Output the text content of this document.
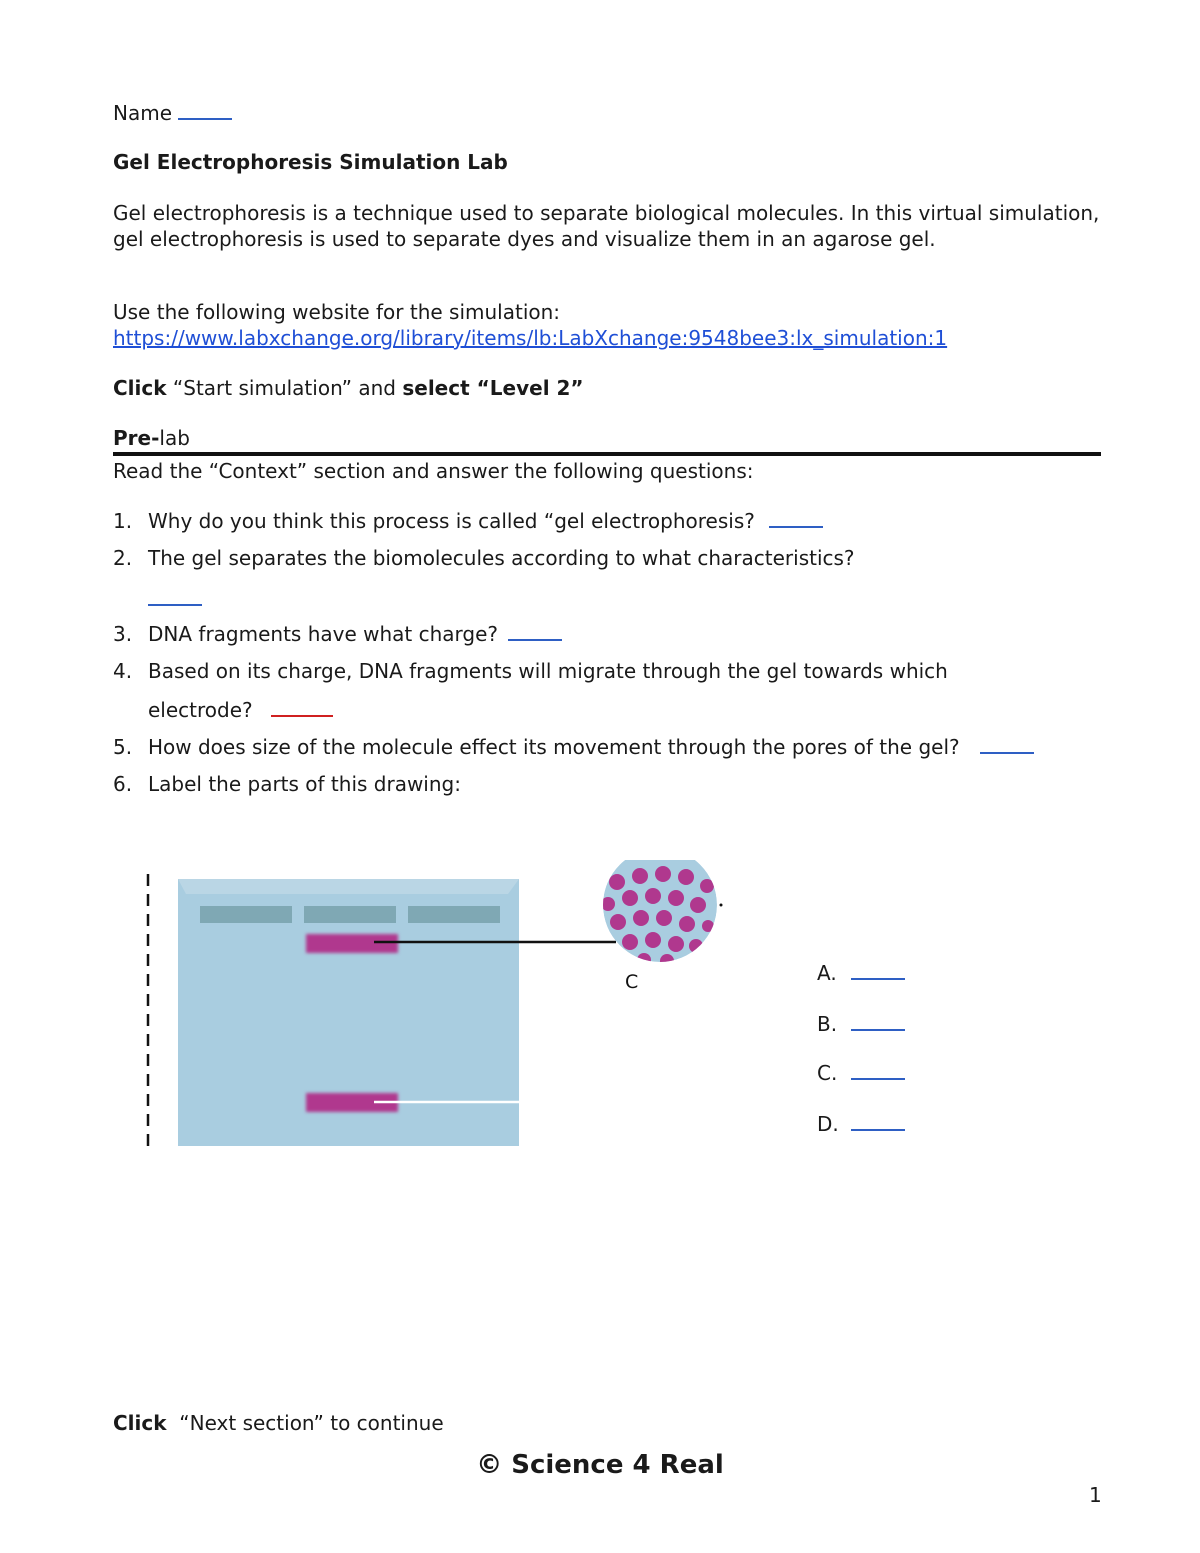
Name
Gel Electrophoresis Simulation Lab
Gel electrophoresis is a technique used to separate biological molecules. In this virtual simulation, gel electrophoresis is used to separate dyes and visualize them in an agarose gel.
Use the following website for the simulation:
https://www.labxchange.org/library/items/lb:LabXchange:9548bee3:lx_simulation:1
Click “Start simulation” and select “Level 2”
Pre-lab
Read the “Context” section and answer the following questions:
1. Why do you think this process is called “gel electrophoresis?
2. The gel separates the biomolecules according to what characteristics?
3. DNA fragments have what charge?
4. Based on its charge, DNA fragments will migrate through the gel towards which
electrode?
5. How does size of the molecule effect its movement through the pores of the gel?
6. Label the parts of this drawing:
C	A.
B.
C.
D.
Click  “Next section” to continue
© Science 4 Real
1
